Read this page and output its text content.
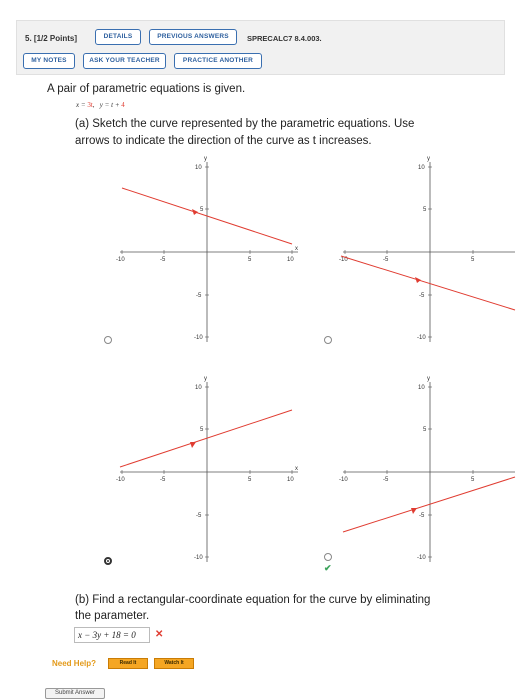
5. [1/2 Points]	DETAILS	PREVIOUS ANSWERS	SPRECALC7 8.4.003.
MY NOTES	ASK YOUR TEACHER	PRACTICE ANOTHER
A pair of parametric equations is given.
x = 3t, y = t + 4
(a) Sketch the curve represented by the parametric equations. Use
arrows to indicate the direction of the curve as t increases.
-10	-5	5	10
10
5
-5
-10
y
x
-10	-5	5
10
5
-5
-10
y
-10	-5	5	10
10
5
-5
-10
y
x
-10	-5	5
10
5
-5
-10
y
✔
(b) Find a rectangular-coordinate equation for the curve by eliminating
the parameter.
x − 3y + 18 = 0	✕
Need Help?	Read It	Watch It
Submit Answer
